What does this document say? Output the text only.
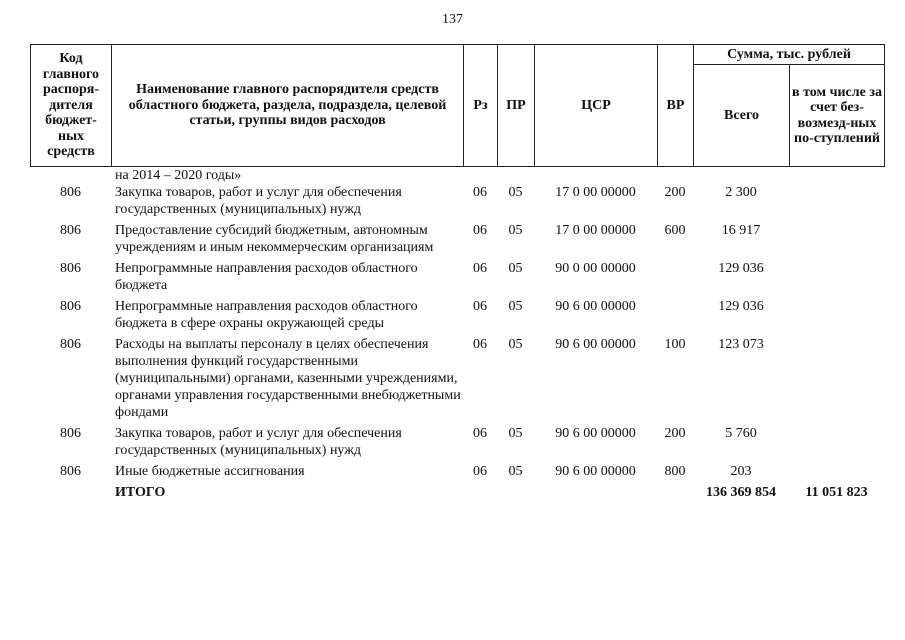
137
Код главного распоря-дителя бюджет-ных средств	Наименование главного распорядителя средств областного бюджета, раздела, подраздела, целевой статьи, группы видов расходов	Рз	ПР	ЦСР	ВР	Сумма, тыс. рублей	
						Всего	в том числе за счет без-возмезд-ных по-ступлений
	на 2014 – 2020 годы»						
806	Закупка товаров, работ и услуг для обеспечения государственных (муниципальных) нужд	06	05	17 0 00 00000	200	2 300	
806	Предоставление субсидий бюджетным, автономным учреждениям и иным некоммерческим организациям	06	05	17 0 00 00000	600	16 917	
806	Непрограммные направления расходов областного бюджета	06	05	90 0 00 00000		129 036	
806	Непрограммные направления расходов областного бюджета в сфере охраны окружающей среды	06	05	90 6 00 00000		129 036	
806	Расходы на выплаты персоналу в целях обеспечения выполнения функций государственными (муниципальными) органами, казенными учреждениями, органами управления государственными внебюджетными фондами	06	05	90 6 00 00000	100	123 073	
806	Закупка товаров, работ и услуг для обеспечения государственных (муниципальных) нужд	06	05	90 6 00 00000	200	5 760	
806	Иные бюджетные ассигнования	06	05	90 6 00 00000	800	203	
	ИТОГО					136 369 854	11 051 823
